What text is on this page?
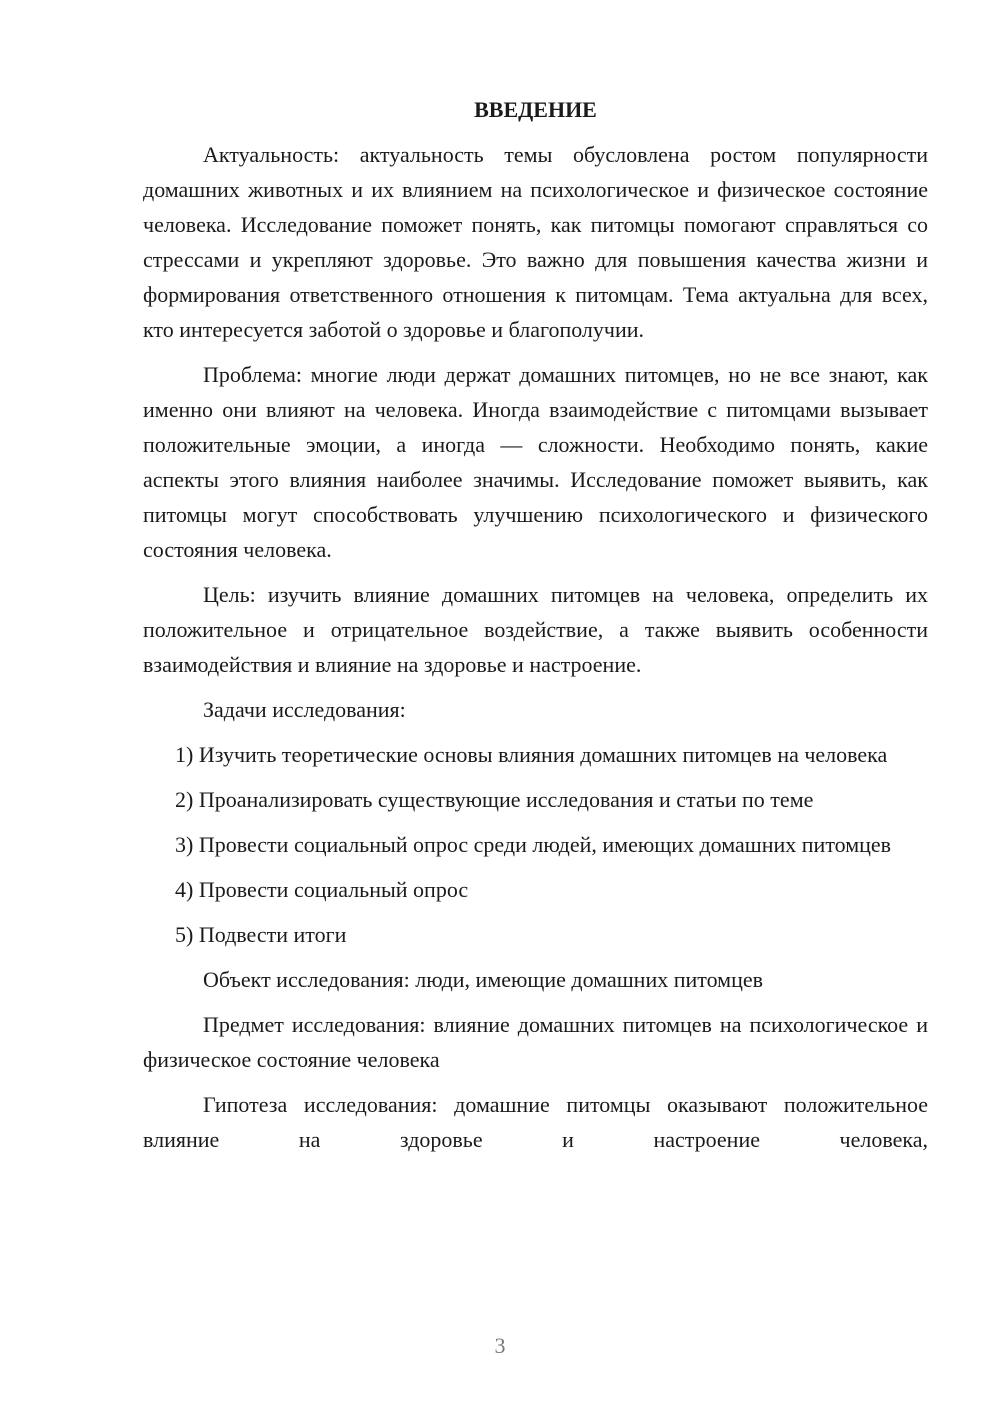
ВВЕДЕНИЕ

Актуальность: актуальность темы обусловлена ростом популярности домашних животных и их влиянием на психологическое и физическое состояние человека. Исследование поможет понять, как питомцы помогают справляться со стрессами и укрепляют здоровье. Это важно для повышения качества жизни и формирования ответственного отношения к питомцам. Тема актуальна для всех, кто интересуется заботой о здоровье и благополучии.

Проблема: многие люди держат домашних питомцев, но не все знают, как именно они влияют на человека. Иногда взаимодействие с питомцами вызывает положительные эмоции, а иногда — сложности. Необходимо понять, какие аспекты этого влияния наиболее значимы. Исследование поможет выявить, как питомцы могут способствовать улучшению психологического и физического состояния человека.

Цель: изучить влияние домашних питомцев на человека, определить их положительное и отрицательное воздействие, а также выявить особенности взаимодействия и влияние на здоровье и настроение.

Задачи исследования:

1) Изучить теоретические основы влияния домашних питомцев на человека

2) Проанализировать существующие исследования и статьи по теме

3) Провести социальный опрос среди людей, имеющих домашних питомцев

4) Провести социальный опрос

5) Подвести итоги

Объект исследования: люди, имеющие домашних питомцев

Предмет исследования: влияние домашних питомцев на психологическое и физическое состояние человека

Гипотеза исследования: домашние питомцы оказывают положительное влияние на здоровье и настроение человека,

3
